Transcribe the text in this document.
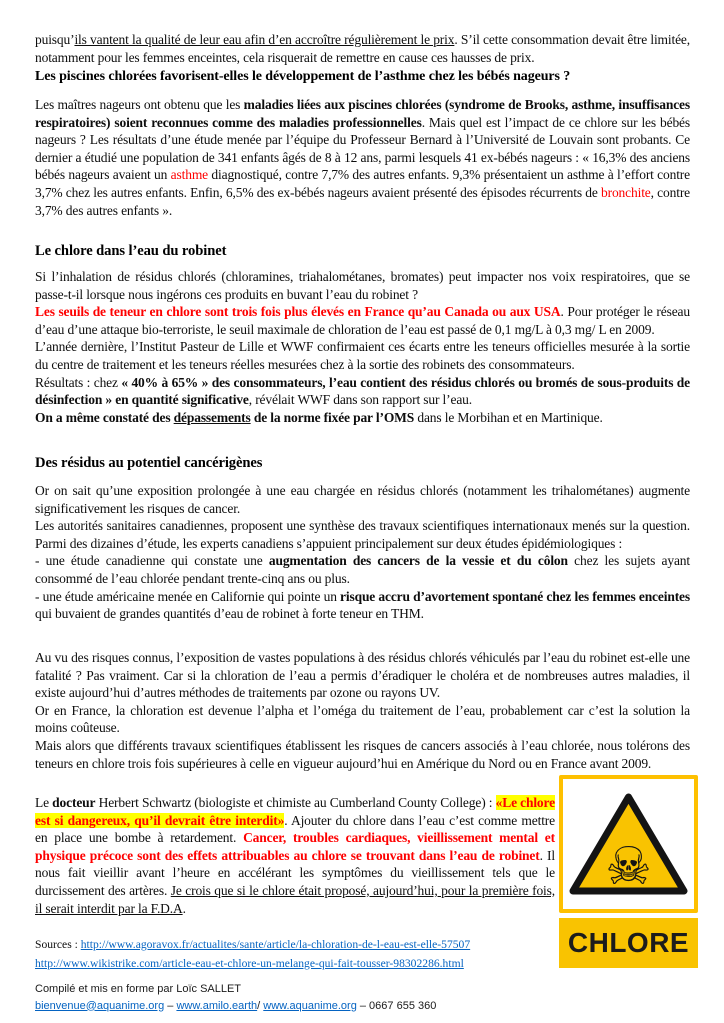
puisqu’ils vantent la qualité de leur eau afin d’en accroître régulièrement le prix. S’il cette consommation devait être limitée, notamment pour les femmes enceintes, cela risquerait de remettre en cause ces hausses de prix.
Les piscines chlorées favorisent-elles le développement de l’asthme chez les bébés nageurs ?
Les maîtres nageurs ont obtenu que les maladies liées aux piscines chlorées (syndrome de Brooks, asthme, insuffisances respiratoires) soient reconnues comme des maladies professionnelles. Mais quel est l’impact de ce chlore sur les bébés nageurs ? Les résultats d’une étude menée par l’équipe du Professeur Bernard à l’Université de Louvain sont probants. Ce dernier a étudié une population de 341 enfants âgés de 8 à 12 ans, parmi lesquels 41 ex-bébés nageurs : « 16,3% des anciens bébés nageurs avaient un asthme diagnostiqué, contre 7,7% des autres enfants. 9,3% présentaient un asthme à l’effort contre 3,7% chez les autres enfants. Enfin, 6,5% des ex-bébés nageurs avaient présenté des épisodes récurrents de bronchite, contre 3,7% des autres enfants ».
Le chlore dans l’eau du robinet
Si l’inhalation de résidus chlorés (chloramines, triahalométanes, bromates) peut impacter nos voix respiratoires, que se passe-t-il lorsque nous ingérons ces produits en buvant l’eau du robinet ?
Les seuils de teneur en chlore sont trois fois plus élevés en France qu’au Canada ou aux USA. Pour protéger le réseau d’eau d’une attaque bio-terroriste, le seuil maximale de chloration de l’eau est passé de 0,1 mg/L à 0,3 mg/ L en 2009.
L’année dernière, l’Institut Pasteur de Lille et WWF confirmaient ces écarts entre les teneurs officielles mesurée à la sortie du centre de traitement et les teneurs réelles mesurées chez à la sortie des robinets des consommateurs.
Résultats : chez « 40% à 65% » des consommateurs, l’eau contient des résidus chlorés ou bromés de sous-produits de désinfection » en quantité significative, révélait WWF dans son rapport sur l’eau.
On a même constaté des dépassements de la norme fixée par l’OMS dans le Morbihan et en Martinique.
Des résidus au potentiel cancérigènes
Or on sait qu’une exposition prolongée à une eau chargée en résidus chlorés (notamment les trihalométanes) augmente significativement les risques de cancer.
Les autorités sanitaires canadiennes, proposent une synthèse des travaux scientifiques internationaux menés sur la question. Parmi des dizaines d’étude, les experts canadiens s’appuient principalement sur deux études épidémiologiques :
- une étude canadienne qui constate une augmentation des cancers de la vessie et du côlon chez les sujets ayant consommé de l’eau chlorée pendant trente-cinq ans ou plus.
- une étude américaine menée en Californie qui pointe un risque accru d’avortement spontané chez les femmes enceintes qui buvaient de grandes quantités d’eau de robinet à forte teneur en THM.
Au vu des risques connus, l’exposition de vastes populations à des résidus chlorés véhiculés par l’eau du robinet est-elle une fatalité ? Pas vraiment. Car si la chloration de l’eau a permis d’éradiquer le choléra et de nombreuses autres maladies, il existe aujourd’hui d’autres méthodes de traitements par ozone ou rayons UV.
Or en France, la chloration est devenue l’alpha et l’oméga du traitement de l’eau, probablement car c’est la solution la moins coûteuse.
Mais alors que différents travaux scientifiques établissent les risques de cancers associés à l’eau chlorée, nous tolérons des teneurs en chlore trois fois supérieures à celle en vigueur aujourd’hui en Amérique du Nord ou en France avant 2009.
Le docteur Herbert Schwartz (biologiste et chimiste au Cumberland County College) : «Le chlore est si dangereux, qu’il devrait être interdit». Ajouter du chlore dans l’eau c’est comme mettre en place une bombe à retardement. Cancer, troubles cardiaques, vieillissement mental et physique précoce sont des effets attribuables au chlore se trouvant dans l’eau de robinet. Il nous fait vieillir avant l’heure en accélérant les symptômes du vieillissement tels que le durcissement des artères. Je crois que si le chlore était proposé, aujourd’hui, pour la première fois, il serait interdit par la F.D.A.
Sources : http://www.agoravox.fr/actualites/sante/article/la-chloration-de-l-eau-est-elle-57507
http://www.wikistrike.com/article-eau-et-chlore-un-melange-qui-fait-tousser-98302286.html
Compilé et mis en forme par Loïc SALLET
bienvenue@aquanime.org – www.amilo.earth/ www.aquanime.org – 0667 655 360
☠
CHLORE
